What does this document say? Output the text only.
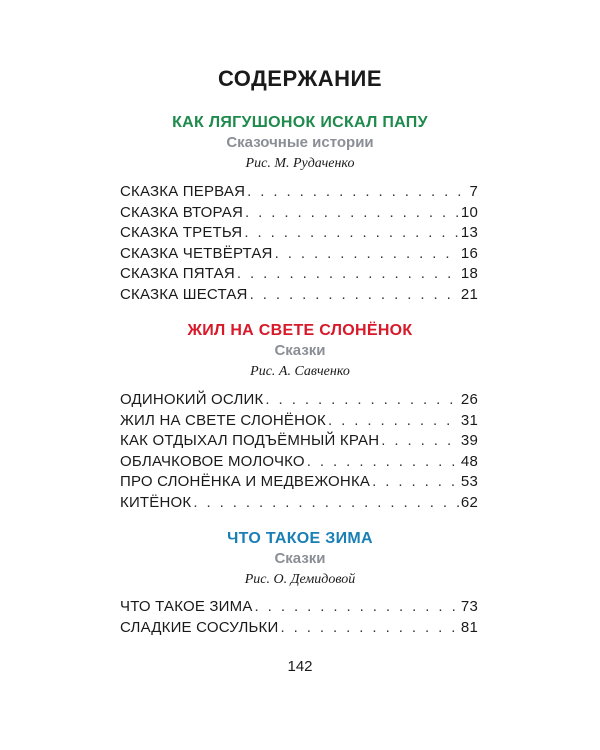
СОДЕРЖАНИЕ
КАК ЛЯГУШОНОК ИСКАЛ ПАПУ
Сказочные истории
Рис. М. Рудаченко
СКАЗКА ПЕРВАЯ . . .	7
СКАЗКА ВТОРАЯ . . .	10
СКАЗКА ТРЕТЬЯ . . .	13
СКАЗКА ЧЕТВЁРТАЯ . . .	16
СКАЗКА ПЯТАЯ . . .	18
СКАЗКА ШЕСТАЯ . . .	21
ЖИЛ НА СВЕТЕ СЛОНЁНОК
Сказки
Рис. А. Савченко
ОДИНОКИЙ ОСЛИК . . .	26
ЖИЛ НА СВЕТЕ СЛОНЁНОК . . .	31
КАК ОТДЫХАЛ ПОДЪЁМНЫЙ КРАН . . .	39
ОБЛАЧКОВОЕ МОЛОЧКО . . .	48
ПРО СЛОНЁНКА И МЕДВЕЖОНКА . . .	53
КИТЁНОК . . .	62
ЧТО ТАКОЕ ЗИМА
Сказки
Рис. О. Демидовой
ЧТО ТАКОЕ ЗИМА . . .	73
СЛАДКИЕ СОСУЛЬКИ . . .	81
142
